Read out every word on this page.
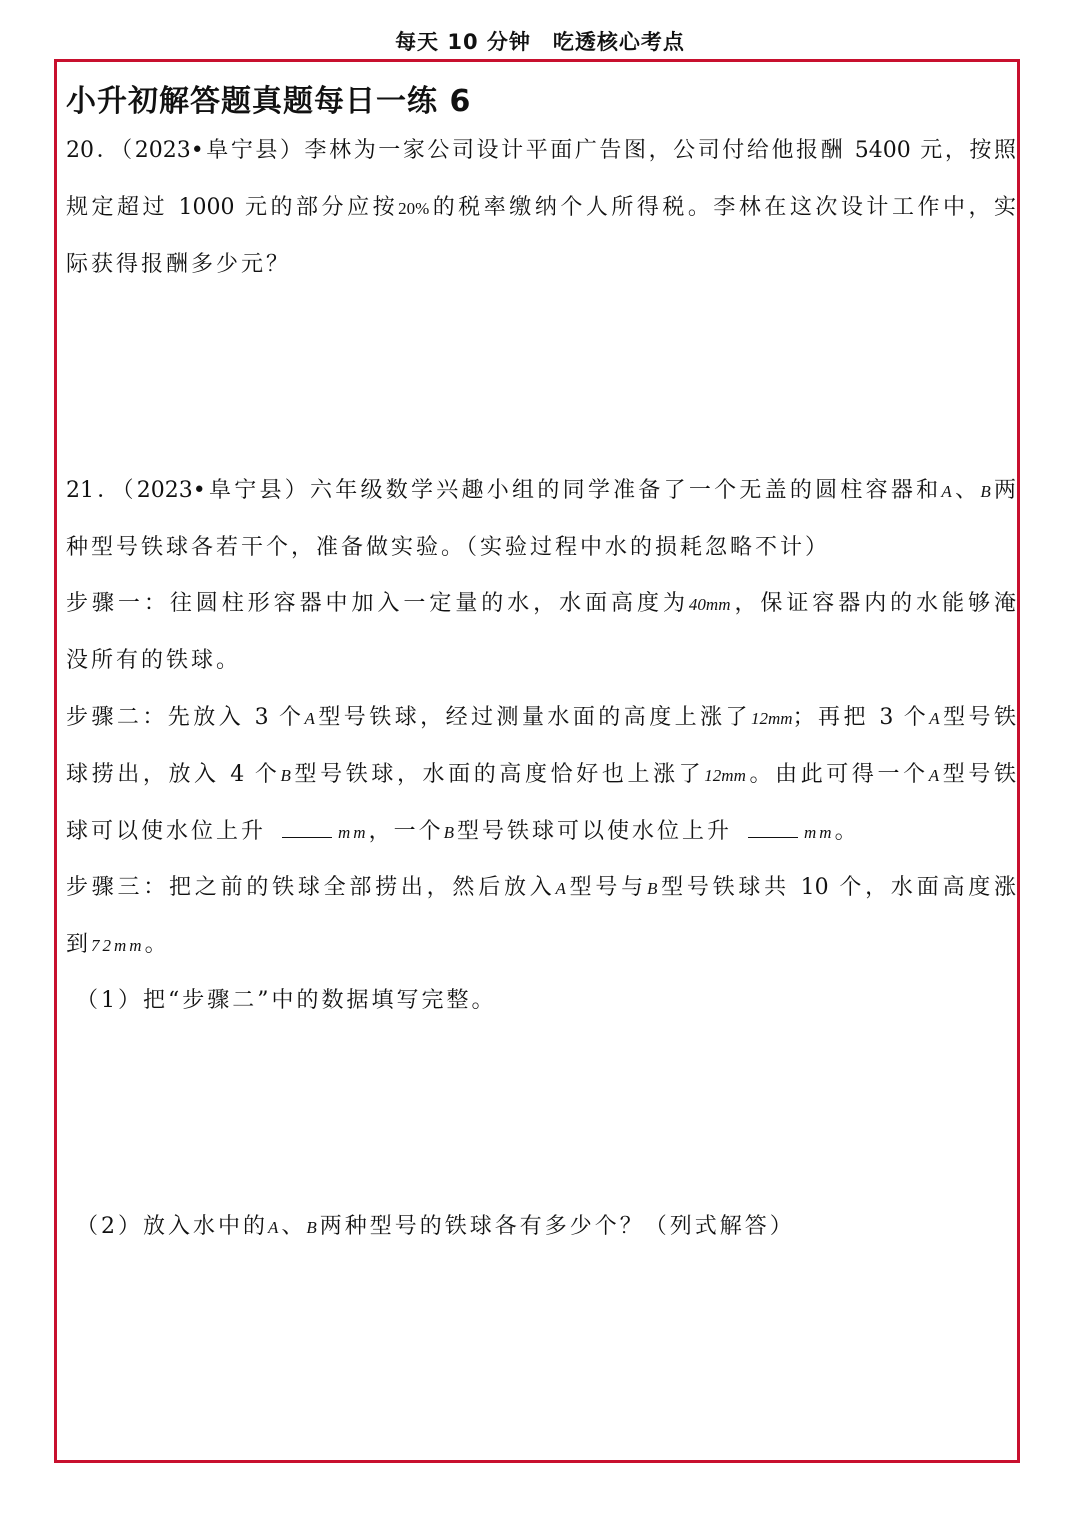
每天 10 分钟　吃透核心考点
小升初解答题真题每日一练 6
20．（2023•阜宁县）李林为一家公司设计平面广告图，公司付给他报酬 5400 元，按照
规定超过 1000 元的部分应按20%的税率缴纳个人所得税。李林在这次设计工作中，实
际获得报酬多少元？
21．（2023•阜宁县）六年级数学兴趣小组的同学准备了一个无盖的圆柱容器和A、B两
种型号铁球各若干个，准备做实验。（实验过程中水的损耗忽略不计）
步骤一：往圆柱形容器中加入一定量的水，水面高度为40mm，保证容器内的水能够淹
没所有的铁球。
步骤二：先放入 3 个A型号铁球，经过测量水面的高度上涨了12mm；再把 3 个A型号铁
球捞出，放入 4 个B型号铁球，水面的高度恰好也上涨了12mm。由此可得一个A型号铁
球可以使水位上升	mm，一个B型号铁球可以使水位上升	mm。
步骤三：把之前的铁球全部捞出，然后放入A型号与B型号铁球共 10 个，水面高度涨
到72mm。
（1）把“步骤二”中的数据填写完整。
（2）放入水中的A、B两种型号的铁球各有多少个？（列式解答）
